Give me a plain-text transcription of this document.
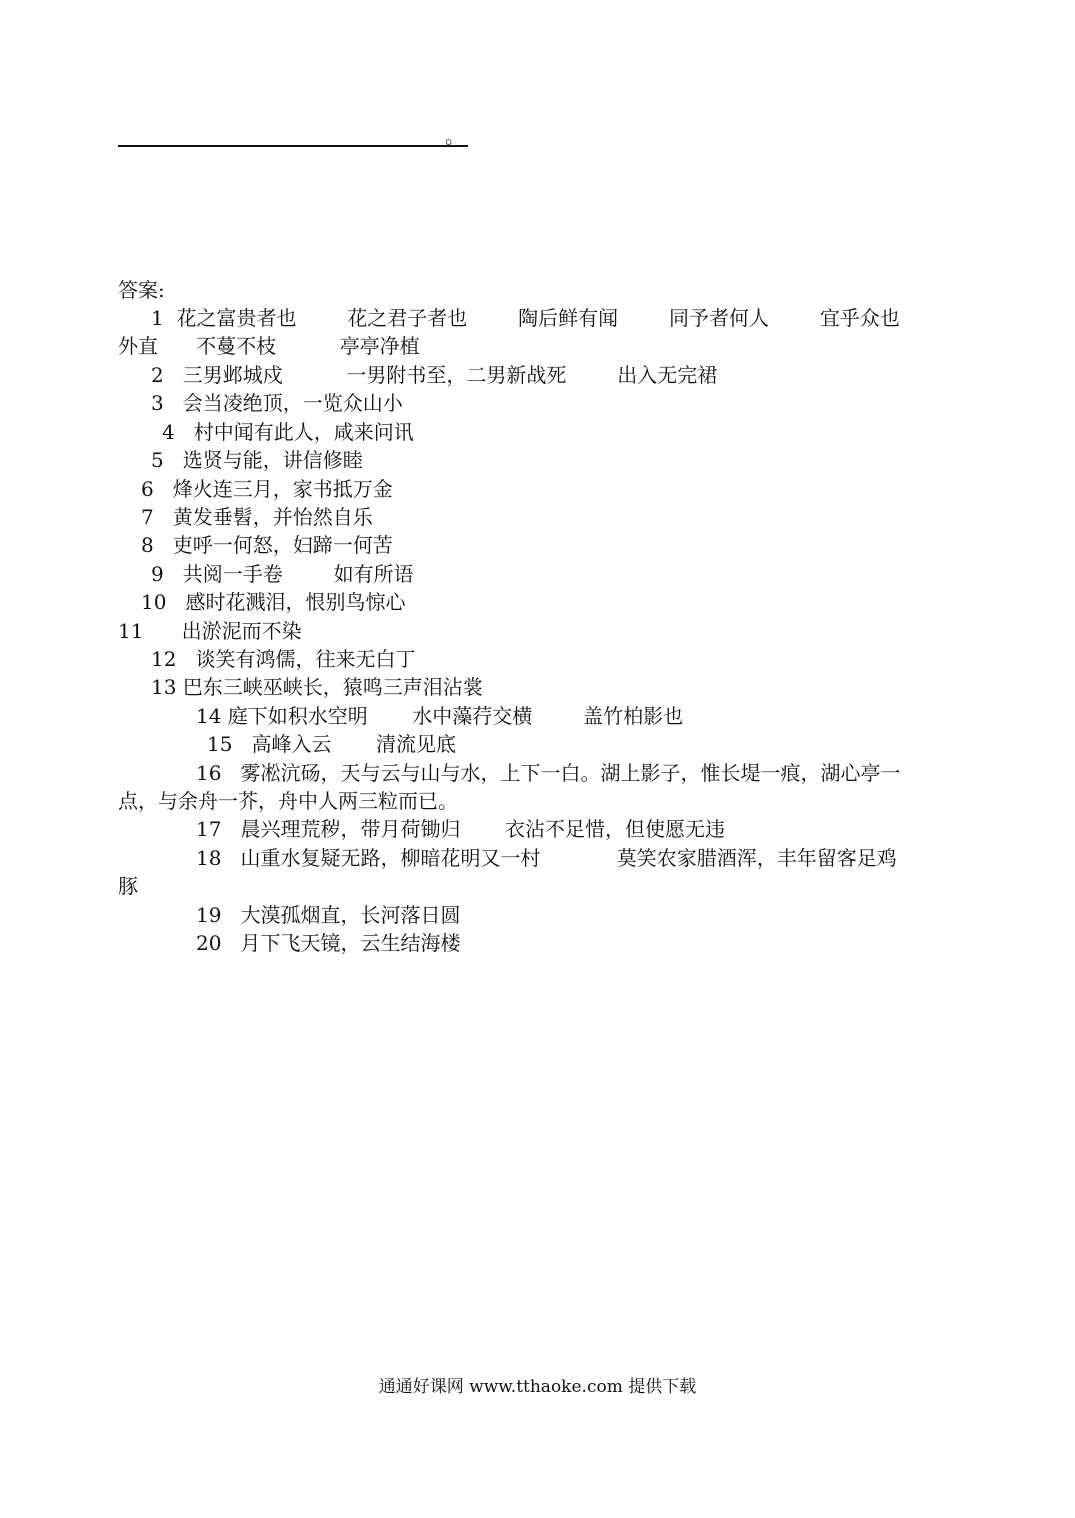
。
答案:
1  花之富贵者也        花之君子者也        陶后鲜有闻        同予者何人        宜乎众也
外直      不蔓不枝          亭亭净植
2   三男邺城戍          一男附书至，二男新战死        出入无完裙
3   会当凌绝顶，一览众山小
4   村中闻有此人，咸来问讯
5   选贤与能，讲信修睦
6   烽火连三月，家书抵万金
7   黄发垂髫，并怡然自乐
8   吏呼一何怒，妇蹄一何苦
9   共阅一手卷        如有所语
10   感时花溅泪，恨别鸟惊心
11      出淤泥而不染
12   谈笑有鸿儒，往来无白丁
13 巴东三峡巫峡长，猿鸣三声泪沾裳
14 庭下如积水空明       水中藻荇交横        盖竹柏影也
15   高峰入云       清流见底
16   雾凇沆砀，天与云与山与水，上下一白。湖上影子，惟长堤一痕，湖心亭一
点，与余舟一芥，舟中人两三粒而已。
17   晨兴理荒秽，带月荷锄归       衣沾不足惜，但使愿无违
18   山重水复疑无路，柳暗花明又一村            莫笑农家腊酒浑，丰年留客足鸡
豚
19   大漠孤烟直，长河落日圆
20   月下飞天镜，云生结海楼
通通好课网 www.tthaoke.com 提供下载
